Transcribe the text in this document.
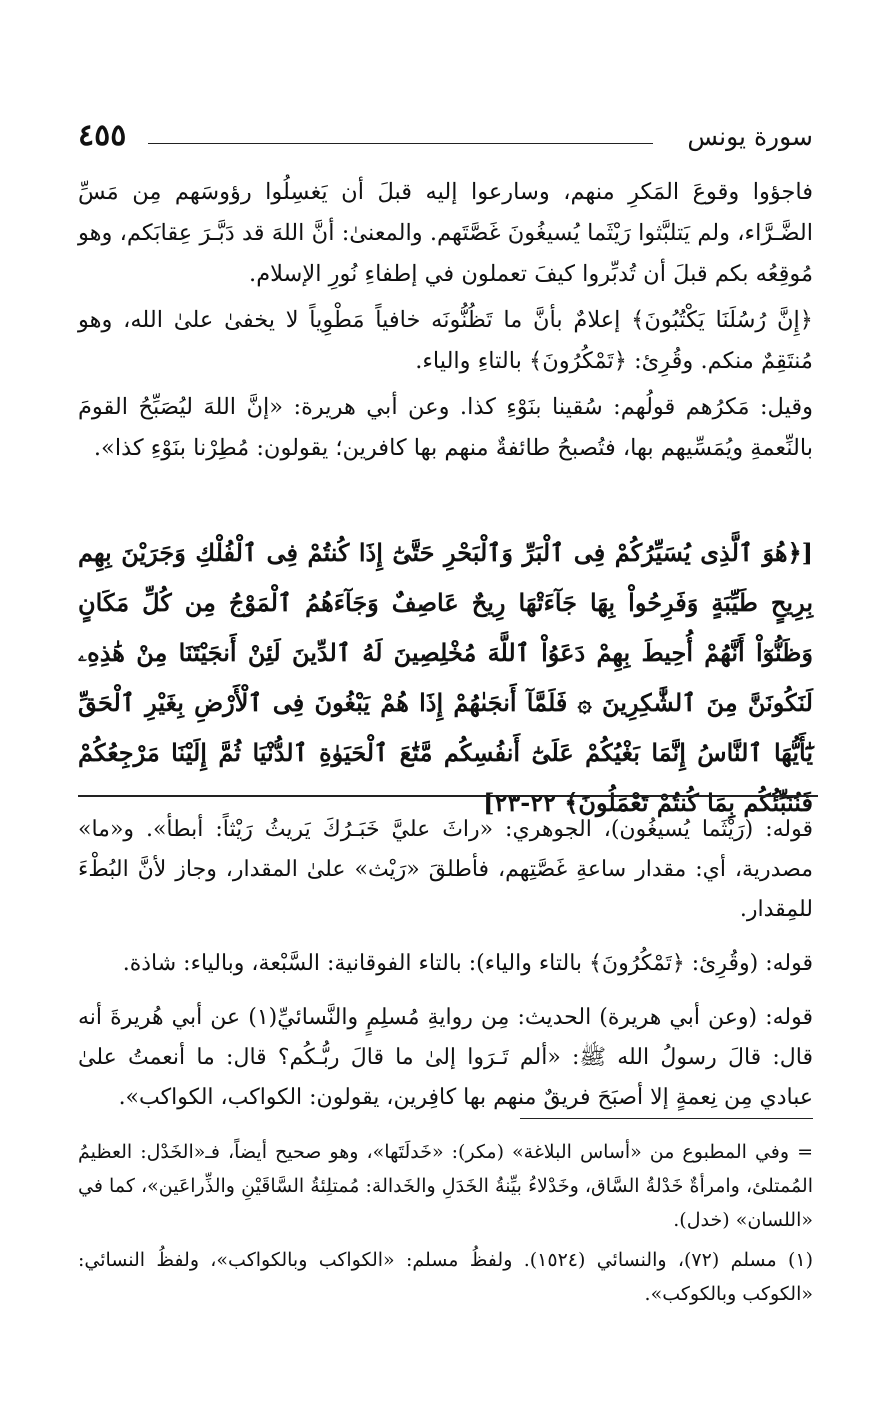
سورة يونس
٤٥٥

فاجؤوا وقوعَ المَكرِ منهم، وسارعوا إليه قبلَ أن يَغسِلُوا رؤوسَهم مِن مَسِّ الضَّـرَّاء، ولم يَتلبَّثوا رَيْثَما يُسيغُونَ غَصَّتَهم. والمعنىٰ: أنَّ اللهَ قد دَبَّـرَ عِقابَكم، وهو مُوقِعُه بكم قبلَ أن تُدبِّروا كيفَ تعملون في إطفاءِ نُورِ الإسلام.

﴿إِنَّ رُسُلَنَا يَكْتُبُونَ﴾ إعلامٌ بأنَّ ما تَظُنُّونَه خافياً مَطْوِياً لا يخفىٰ علىٰ الله، وهو مُنتَقِمٌ منكم. وقُرِئ: ﴿تَمْكُرُونَ﴾ بالتاءِ والياء.

وقيل: مَكرُهم قولُهم: سُقينا بنَوْءِ كذا. وعن أبي هريرة: «إنَّ اللهَ ليُصَبِّحُ القومَ بالنِّعمةِ ويُمَسِّيهم بها، فتُصبحُ طائفةٌ منهم بها كافرين؛ يقولون: مُطِرْنا بنَوْءِ كذا».

[﴿هُوَ ٱلَّذِى يُسَيِّرُكُمْ فِى ٱلْبَرِّ وَٱلْبَحْرِ حَتَّىٰٓ إِذَا كُنتُمْ فِى ٱلْفُلْكِ وَجَرَيْنَ بِهِم بِرِيحٍ طَيِّبَةٍ وَفَرِحُواْ بِهَا جَآءَتْهَا رِيحٌ عَاصِفٌ وَجَآءَهُمُ ٱلْمَوْجُ مِن كُلِّ مَكَانٍ وَظَنُّوٓاْ أَنَّهُمْ أُحِيطَ بِهِمْ دَعَوُاْ ٱللَّهَ مُخْلِصِينَ لَهُ ٱلدِّينَ لَئِنْ أَنجَيْتَنَا مِنْ هَٰذِهِۦ لَنَكُونَنَّ مِنَ ٱلشَّٰكِرِينَ ۞ فَلَمَّآ أَنجَىٰهُمْ إِذَا هُمْ يَبْغُونَ فِى ٱلْأَرْضِ بِغَيْرِ ٱلْحَقِّ يَٰٓأَيُّهَا ٱلنَّاسُ إِنَّمَا بَغْيُكُمْ عَلَىٰٓ أَنفُسِكُم مَّتَٰعَ ٱلْحَيَوٰةِ ٱلدُّنْيَا ثُمَّ إِلَيْنَا مَرْجِعُكُمْ فَنُنَبِّئُكُم بِمَا كُنتُمْ تَعْمَلُونَ﴾ ٢٢-٢٣]

قوله: (رَيْثَما يُسيغُون)، الجوهري: «راثَ عليَّ خَبَـرُكَ يَريثُ رَيْثاً: أبطأ». و«ما» مصدرية، أي: مقدار ساعةِ غَصَّتِهم، فأطلقَ «رَيْث» علىٰ المقدار، وجاز لأنَّ البُطْءَ للمِقدار.

قوله: (وقُرِئ: ﴿تَمْكُرُونَ﴾ بالتاء والياء): بالتاء الفوقانية: السَّبْعة، وبالياء: شاذة.

قوله: (وعن أبي هريرة) الحديث: مِن روايةِ مُسلِمٍ والنَّسائيِّ(١) عن أبي هُريرةَ أنه قال: قالَ رسولُ الله ﷺ: «ألم تَـرَوا إلىٰ ما قالَ ربُّـكُم؟ قال: ما أنعمتُ علىٰ عبادي مِن نِعمةٍ إلا أصبَحَ فريقٌ منهم بها كافِرين، يقولون: الكواكب، الكواكب».

= وفي المطبوع من «أساس البلاغة» (مكر): «خَدلَتَها»، وهو صحيح أيضاً، فـ«الخَدْل: العظيمُ المُمتلئ، وامرأةٌ خَدْلةُ السَّاق، وخَدْلاءُ بيِّنةُ الخَدَلِ والخَدالة: مُمتلِئةُ السَّاقَيْنِ والذِّراعَين»، كما في «اللسان» (خدل).

(١) مسلم (٧٢)، والنسائي (١٥٢٤). ولفظُ مسلم: «الكواكب وبالكواكب»، ولفظُ النسائي: «الكوكب وبالكوكب».
